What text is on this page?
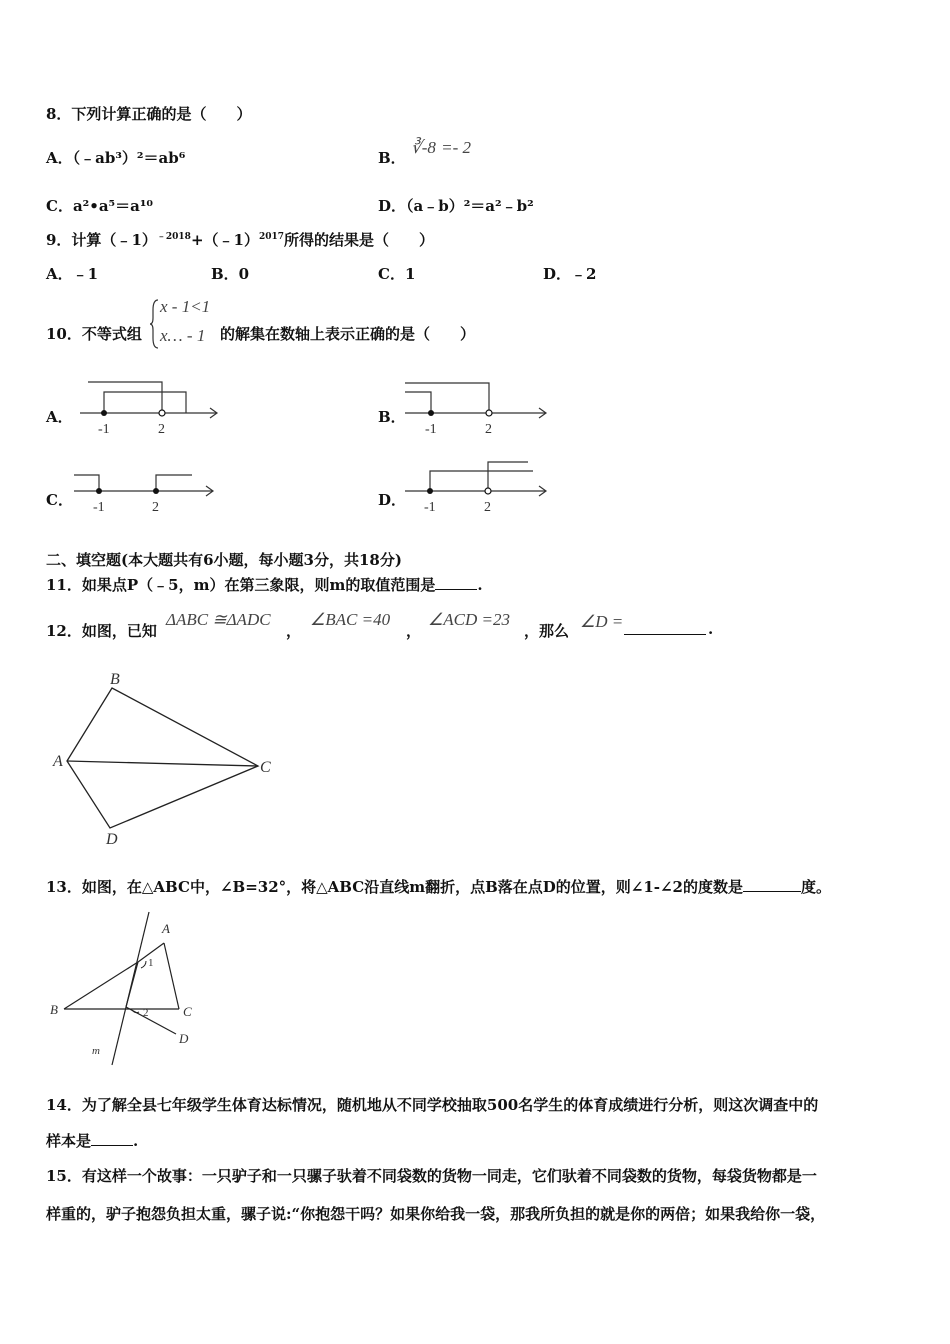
8．下列计算正确的是（　　）
A．（﹣ab³）²＝ab⁶	B． ∛-8 =- 2
C．a²•a⁵＝a¹⁰	D．（a﹣b）²＝a²﹣b²
9．计算（﹣1）$^{﹣2018}$+（﹣1）$^{2017}$所得的结果是（　　）
A．﹣1	B．0	C．1	D．﹣2
10．不等式组
x - 1<1
x… - 1 的解集在数轴上表示正确的是（　　）
A．
-1	2
B．
-1	2
C． -1	2	D． -1	2
二、填空题(本大题共有6小题，每小题3分，共18分)
11．如果点P（﹣5，m）在第三象限，则m的取值范围是	.
12．如图，已知
ΔABC ≅ΔADC
，
∠BAC =40
，
∠ACD =23
，那么 ∠D =	.
B
A	C
D
13．如图，在△ABC中，∠B=32°，将△ABC沿直线m翻折，点B落在点D的位置，则∠1-∠2的度数是	度。
A
B	C
D
m
1
2
14．为了解全县七年级学生体育达标情况，随机地从不同学校抽取500名学生的体育成绩进行分析，则这次调查中的
样本是	.
15．有这样一个故事：一只驴子和一只骡子驮着不同袋数的货物一同走，它们驮着不同袋数的货物，每袋货物都是一
样重的，驴子抱怨负担太重，骡子说:“你抱怨干吗？如果你给我一袋，那我所负担的就是你的两倍；如果我给你一袋，
